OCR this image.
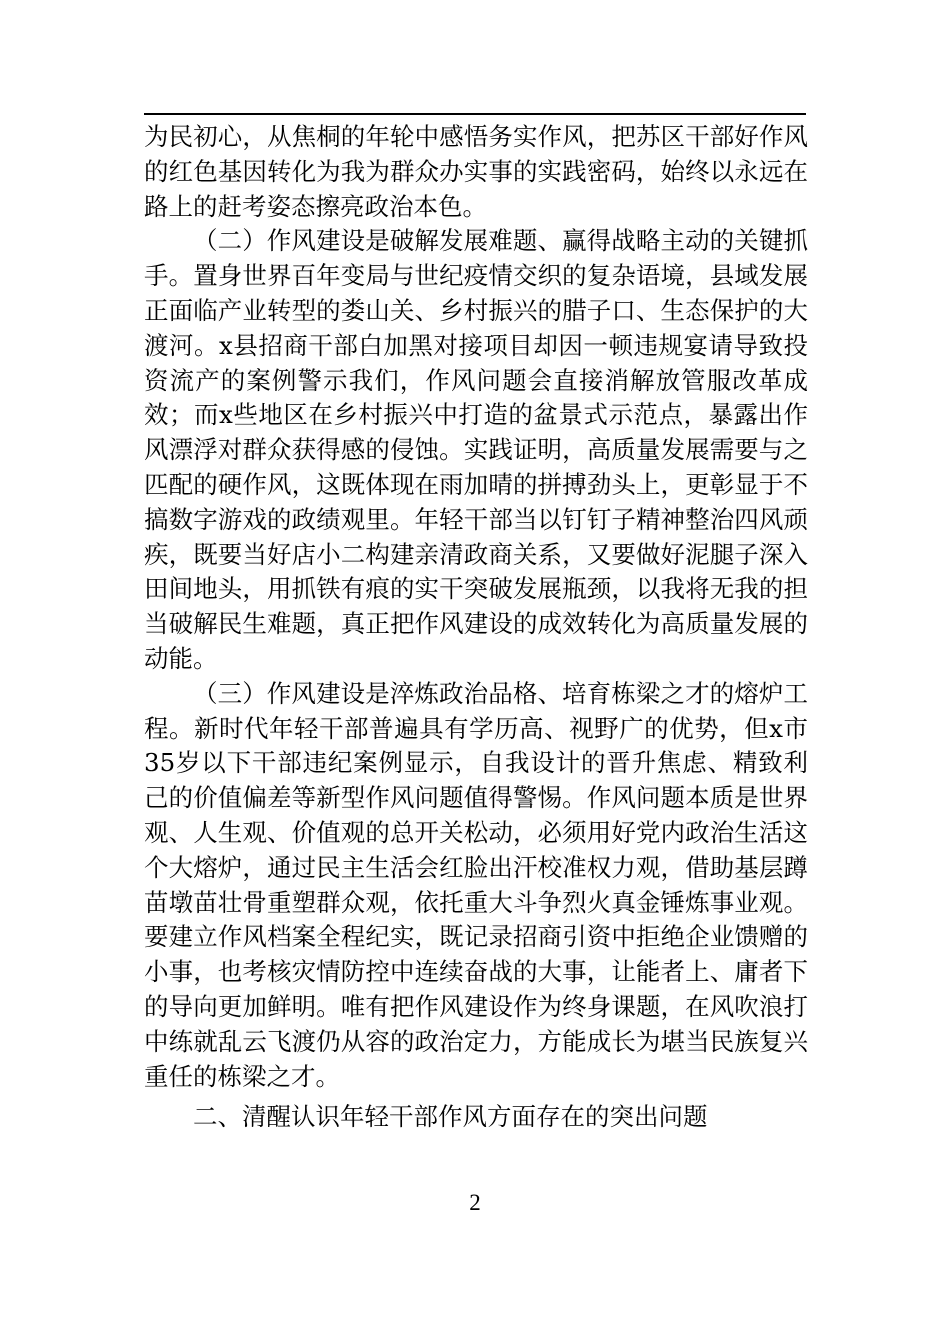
为民初心，从焦桐的年轮中感悟务实作风，把苏区干部好作风的红色基因转化为我为群众办实事的实践密码，始终以永远在路上的赶考姿态擦亮政治本色。

（二）作风建设是破解发展难题、赢得战略主动的关键抓手。置身世界百年变局与世纪疫情交织的复杂语境，县域发展正面临产业转型的娄山关、乡村振兴的腊子口、生态保护的大渡河。x县招商干部白加黑对接项目却因一顿违规宴请导致投资流产的案例警示我们，作风问题会直接消解放管服改革成效；而x些地区在乡村振兴中打造的盆景式示范点，暴露出作风漂浮对群众获得感的侵蚀。实践证明，高质量发展需要与之匹配的硬作风，这既体现在雨加晴的拼搏劲头上，更彰显于不搞数字游戏的政绩观里。年轻干部当以钉钉子精神整治四风顽疾，既要当好店小二构建亲清政商关系，又要做好泥腿子深入田间地头，用抓铁有痕的实干突破发展瓶颈，以我将无我的担当破解民生难题，真正把作风建设的成效转化为高质量发展的动能。

（三）作风建设是淬炼政治品格、培育栋梁之才的熔炉工程。新时代年轻干部普遍具有学历高、视野广的优势，但x市35岁以下干部违纪案例显示，自我设计的晋升焦虑、精致利己的价值偏差等新型作风问题值得警惕。作风问题本质是世界观、人生观、价值观的总开关松动，必须用好党内政治生活这个大熔炉，通过民主生活会红脸出汗校准权力观，借助基层蹲苗墩苗壮骨重塑群众观，依托重大斗争烈火真金锤炼事业观。要建立作风档案全程纪实，既记录招商引资中拒绝企业馈赠的小事，也考核灾情防控中连续奋战的大事，让能者上、庸者下的导向更加鲜明。唯有把作风建设作为终身课题，在风吹浪打中练就乱云飞渡仍从容的政治定力，方能成长为堪当民族复兴重任的栋梁之才。

二、清醒认识年轻干部作风方面存在的突出问题

2
